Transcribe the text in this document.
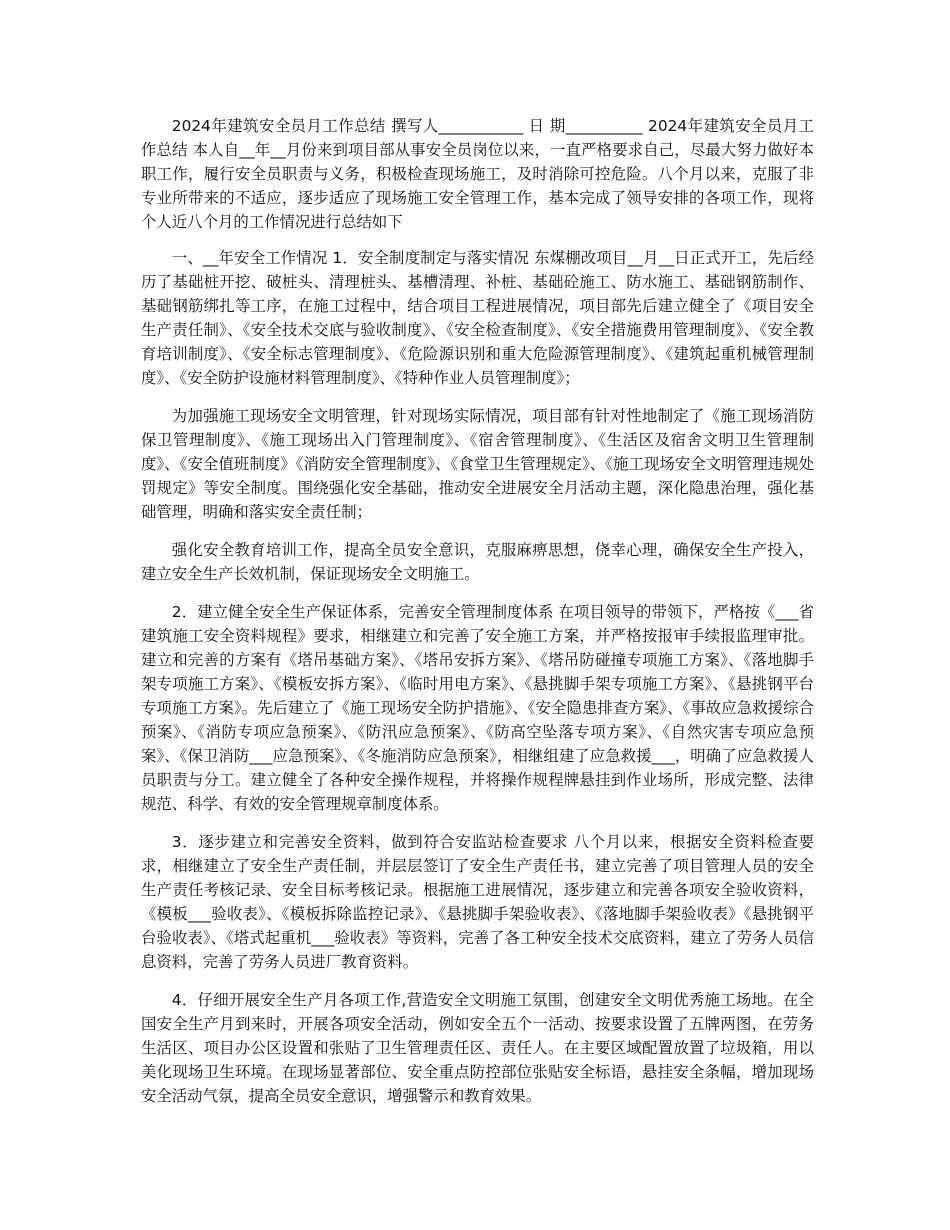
2024年建筑安全员月工作总结 撰写人___________ 日 期__________ 2024年建筑安全员月工作总结 本人自__年__月份来到项目部从事安全员岗位以来，一直严格要求自己，尽最大努力做好本职工作，履行安全员职责与义务，积极检查现场施工，及时消除可控危险。八个月以来，克服了非专业所带来的不适应，逐步适应了现场施工安全管理工作，基本完成了领导安排的各项工作，现将个人近八个月的工作情况进行总结如下

一、__年安全工作情况 1．安全制度制定与落实情况 东煤棚改项目__月__日正式开工，先后经历了基础桩开挖、破桩头、清理桩头、基槽清理、补桩、基础砼施工、防水施工、基础钢筋制作、基础钢筋绑扎等工序，在施工过程中，结合项目工程进展情况，项目部先后建立健全了《项目安全生产责任制》、《安全技术交底与验收制度》、《安全检查制度》、《安全措施费用管理制度》、《安全教育培训制度》、《安全标志管理制度》、《危险源识别和重大危险源管理制度》、《建筑起重机械管理制度》、《安全防护设施材料管理制度》、《特种作业人员管理制度》；

为加强施工现场安全文明管理，针对现场实际情况，项目部有针对性地制定了《施工现场消防保卫管理制度》、《施工现场出入门管理制度》、《宿舍管理制度》、《生活区及宿舍文明卫生管理制度》、《安全值班制度》《消防安全管理制度》、《食堂卫生管理规定》、《施工现场安全文明管理违规处罚规定》等安全制度。围绕强化安全基础，推动安全进展安全月活动主题，深化隐患治理，强化基础管理，明确和落实安全责任制；

强化安全教育培训工作，提高全员安全意识，克服麻痹思想，侥幸心理，确保安全生产投入，建立安全生产长效机制，保证现场安全文明施工。

2．建立健全安全生产保证体系，完善安全管理制度体系 在项目领导的带领下，严格按《___省建筑施工安全资料规程》要求，相继建立和完善了安全施工方案，并严格按报审手续报监理审批。建立和完善的方案有《塔吊基础方案》、《塔吊安拆方案》、《塔吊防碰撞专项施工方案》、《落地脚手架专项施工方案》、《模板安拆方案》、《临时用电方案》、《悬挑脚手架专项施工方案》、《悬挑钢平台专项施工方案》。先后建立了《施工现场安全防护措施》、《安全隐患排查方案》、《事故应急救援综合预案》、《消防专项应急预案》、《防汛应急预案》、《防高空坠落专项方案》、《自然灾害专项应急预案》、《保卫消防___应急预案》、《冬施消防应急预案》，相继组建了应急救援___，明确了应急救援人员职责与分工。建立健全了各种安全操作规程，并将操作规程牌悬挂到作业场所，形成完整、法律规范、科学、有效的安全管理规章制度体系。

3．逐步建立和完善安全资料，做到符合安监站检查要求 八个月以来，根据安全资料检查要求，相继建立了安全生产责任制，并层层签订了安全生产责任书，建立完善了项目管理人员的安全生产责任考核记录、安全目标考核记录。根据施工进展情况，逐步建立和完善各项安全验收资料，《模板___验收表》、《模板拆除监控记录》、《悬挑脚手架验收表》、《落地脚手架验收表》《悬挑钢平台验收表》、《塔式起重机___验收表》等资料，完善了各工种安全技术交底资料，建立了劳务人员信息资料，完善了劳务人员进厂教育资料。

4．仔细开展安全生产月各项工作,营造安全文明施工氛围，创建安全文明优秀施工场地。在全国安全生产月到来时，开展各项安全活动，例如安全五个一活动、按要求设置了五牌两图，在劳务生活区、项目办公区设置和张贴了卫生管理责任区、责任人。在主要区域配置放置了垃圾箱，用以美化现场卫生环境。在现场显著部位、安全重点防控部位张贴安全标语，悬挂安全条幅，增加现场安全活动气氛，提高全员安全意识，增强警示和教育效果。
